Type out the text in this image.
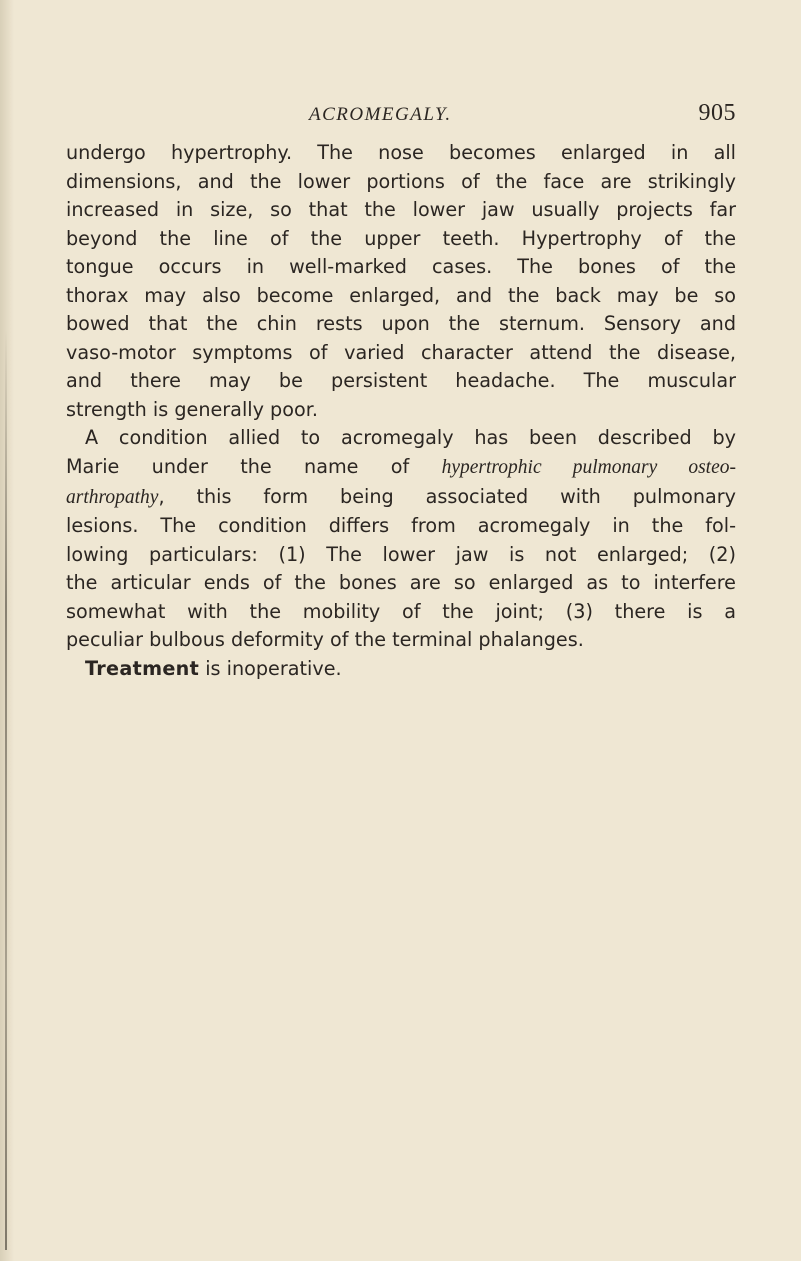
ACROMEGALY.	905

undergo hypertrophy. The nose becomes enlarged in all

dimensions, and the lower portions of the face are strikingly

increased in size, so that the lower jaw usually projects far

beyond the line of the upper teeth. Hypertrophy of the

tongue occurs in well-marked cases. The bones of the

thorax may also become enlarged, and the back may be so

bowed that the chin rests upon the sternum. Sensory and

vaso-motor symptoms of varied character attend the disease,

and there may be persistent headache. The muscular

strength is generally poor.

A condition allied to acromegaly has been described by

Marie under the name of hypertrophic pulmonary osteo-

arthropathy, this form being associated with pulmonary

lesions. The condition differs from acromegaly in the fol-

lowing particulars: (1) The lower jaw is not enlarged; (2)

the articular ends of the bones are so enlarged as to interfere

somewhat with the mobility of the joint; (3) there is a

peculiar bulbous deformity of the terminal phalanges.

Treatment is inoperative.
